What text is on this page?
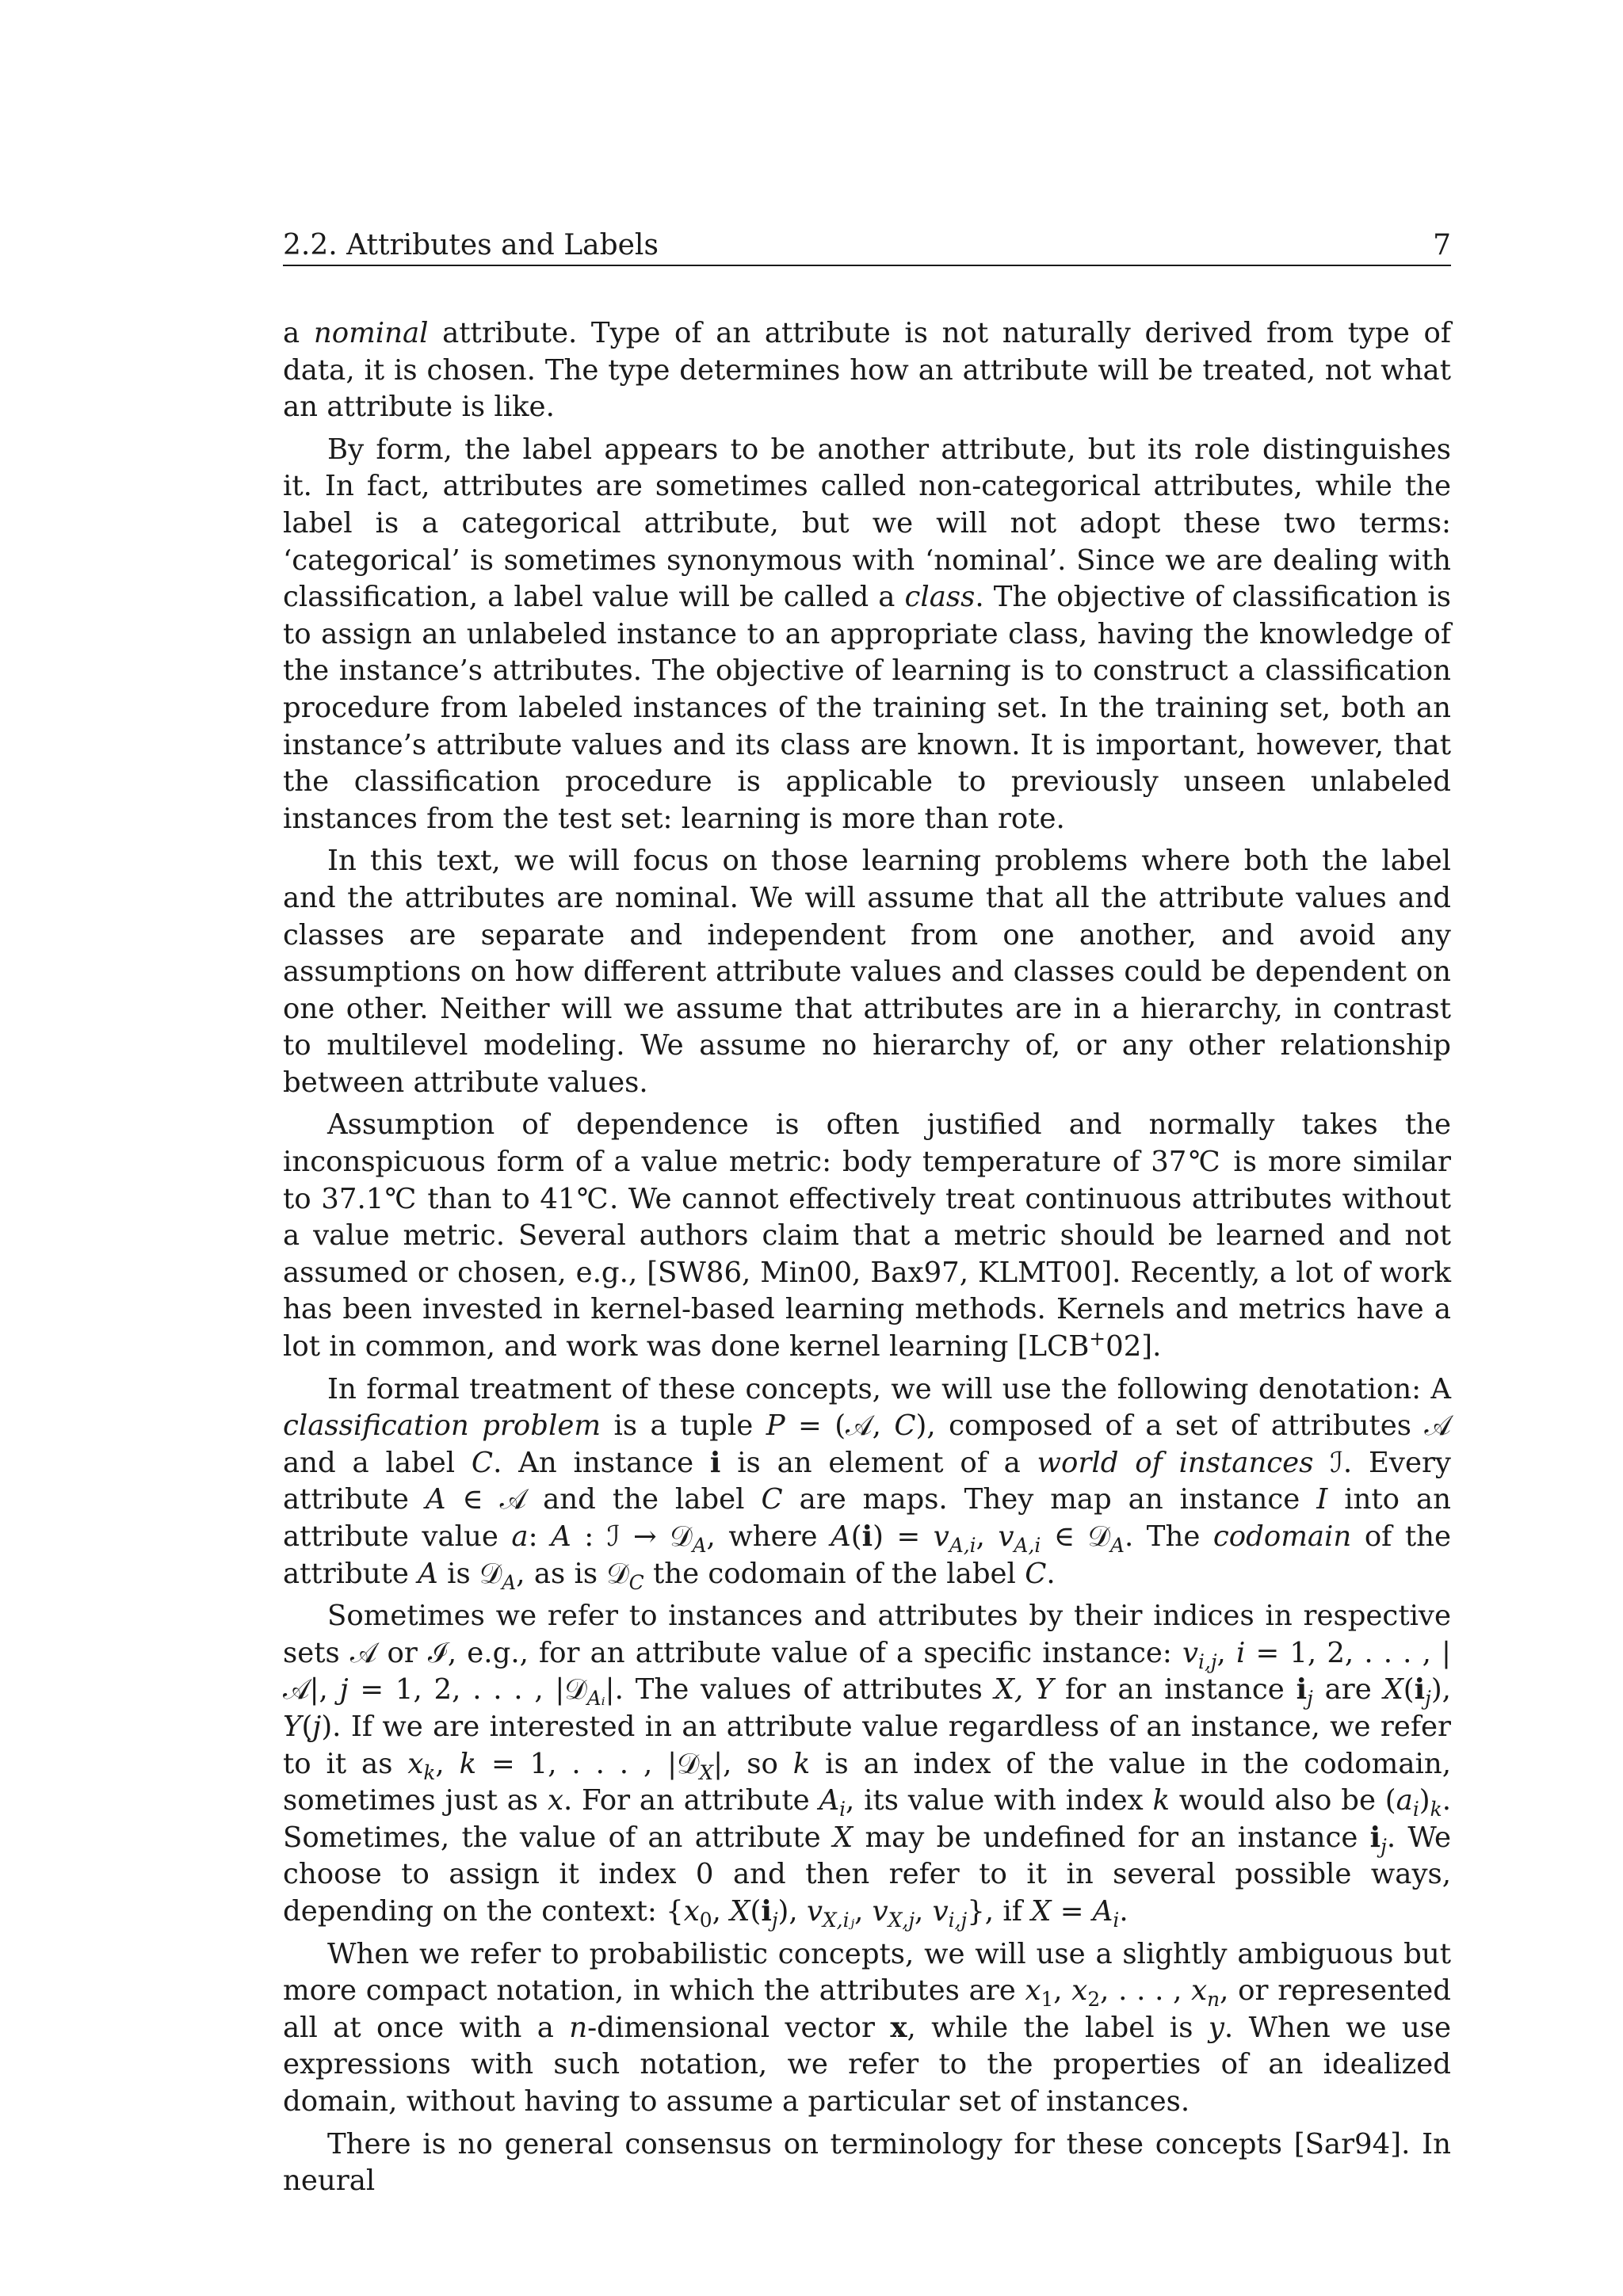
2.2. Attributes and Labels	7

a nominal attribute. Type of an attribute is not naturally derived from type of data, it is chosen. The type determines how an attribute will be treated, not what an attribute is like.

By form, the label appears to be another attribute, but its role distinguishes it. In fact, attributes are sometimes called non-categorical attributes, while the label is a categorical attribute, but we will not adopt these two terms: ‘categorical’ is sometimes synonymous with ‘nominal’. Since we are dealing with classification, a label value will be called a class. The objective of classification is to assign an unlabeled instance to an appropriate class, having the knowledge of the instance’s attributes. The objective of learning is to construct a classification procedure from labeled instances of the training set. In the training set, both an instance’s attribute values and its class are known. It is important, however, that the classification procedure is applicable to previously unseen unlabeled instances from the test set: learning is more than rote.

In this text, we will focus on those learning problems where both the label and the attributes are nominal. We will assume that all the attribute values and classes are separate and independent from one another, and avoid any assumptions on how different attribute values and classes could be dependent on one other. Neither will we assume that attributes are in a hierarchy, in contrast to multilevel modeling. We assume no hierarchy of, or any other relationship between attribute values.

Assumption of dependence is often justified and normally takes the inconspicuous form of a value metric: body temperature of 37℃ is more similar to 37.1℃ than to 41℃. We cannot effectively treat continuous attributes without a value metric. Several authors claim that a metric should be learned and not assumed or chosen, e.g., [SW86, Min00, Bax97, KLMT00]. Recently, a lot of work has been invested in kernel-based learning methods. Kernels and metrics have a lot in common, and work was done kernel learning [LCB+02].

In formal treatment of these concepts, we will use the following denotation: A classification problem is a tuple P = (𝒜, C), composed of a set of attributes 𝒜 and a label C. An instance i is an element of a world of instances ℐ. Every attribute A ∈ 𝒜 and the label C are maps. They map an instance I into an attribute value a: A : ℐ → 𝒟$_A$, where $A(i) = v_{A,i}$, $v_{A,i}$ ∈ 𝒟$_A$. The codomain of the attribute A is 𝒟$_A$, as is 𝒟$_C$ the codomain of the label C.

Sometimes we refer to instances and attributes by their indices in respective sets 𝒜 or ℐ, e.g., for an attribute value of a specific instance: $v_{i,j}$, i = 1, 2, . . . , |𝒜|, j = 1, 2, . . . , |𝒟$_{Aᵢ}$|. The values of attributes X, Y for an instance $i_j$ are $X(i_j)$, Y(j). If we are interested in an attribute value regardless of an instance, we refer to it as $x_k$, k = 1, . . . , |𝒟$_X$|, so k is an index of the value in the codomain, sometimes just as x. For an attribute $A_i$, its value with index k would also be $(a_i)_k$. Sometimes, the value of an attribute X may be undefined for an instance $i_j$. We choose to assign it index 0 and then refer to it in several possible ways, depending on the context: {$x_0$, $X(i_j)$, $v_{X,iⱼ}$, $v_{X,j}$, $v_{i,j}$}, if $X = A_i$.

When we refer to probabilistic concepts, we will use a slightly ambiguous but more compact notation, in which the attributes are $x_1$, $x_2$, . . . , $x_n$, or represented all at once with a n-dimensional vector x, while the label is y. When we use expressions with such notation, we refer to the properties of an idealized domain, without having to assume a particular set of instances.

There is no general consensus on terminology for these concepts [Sar94]. In neural
